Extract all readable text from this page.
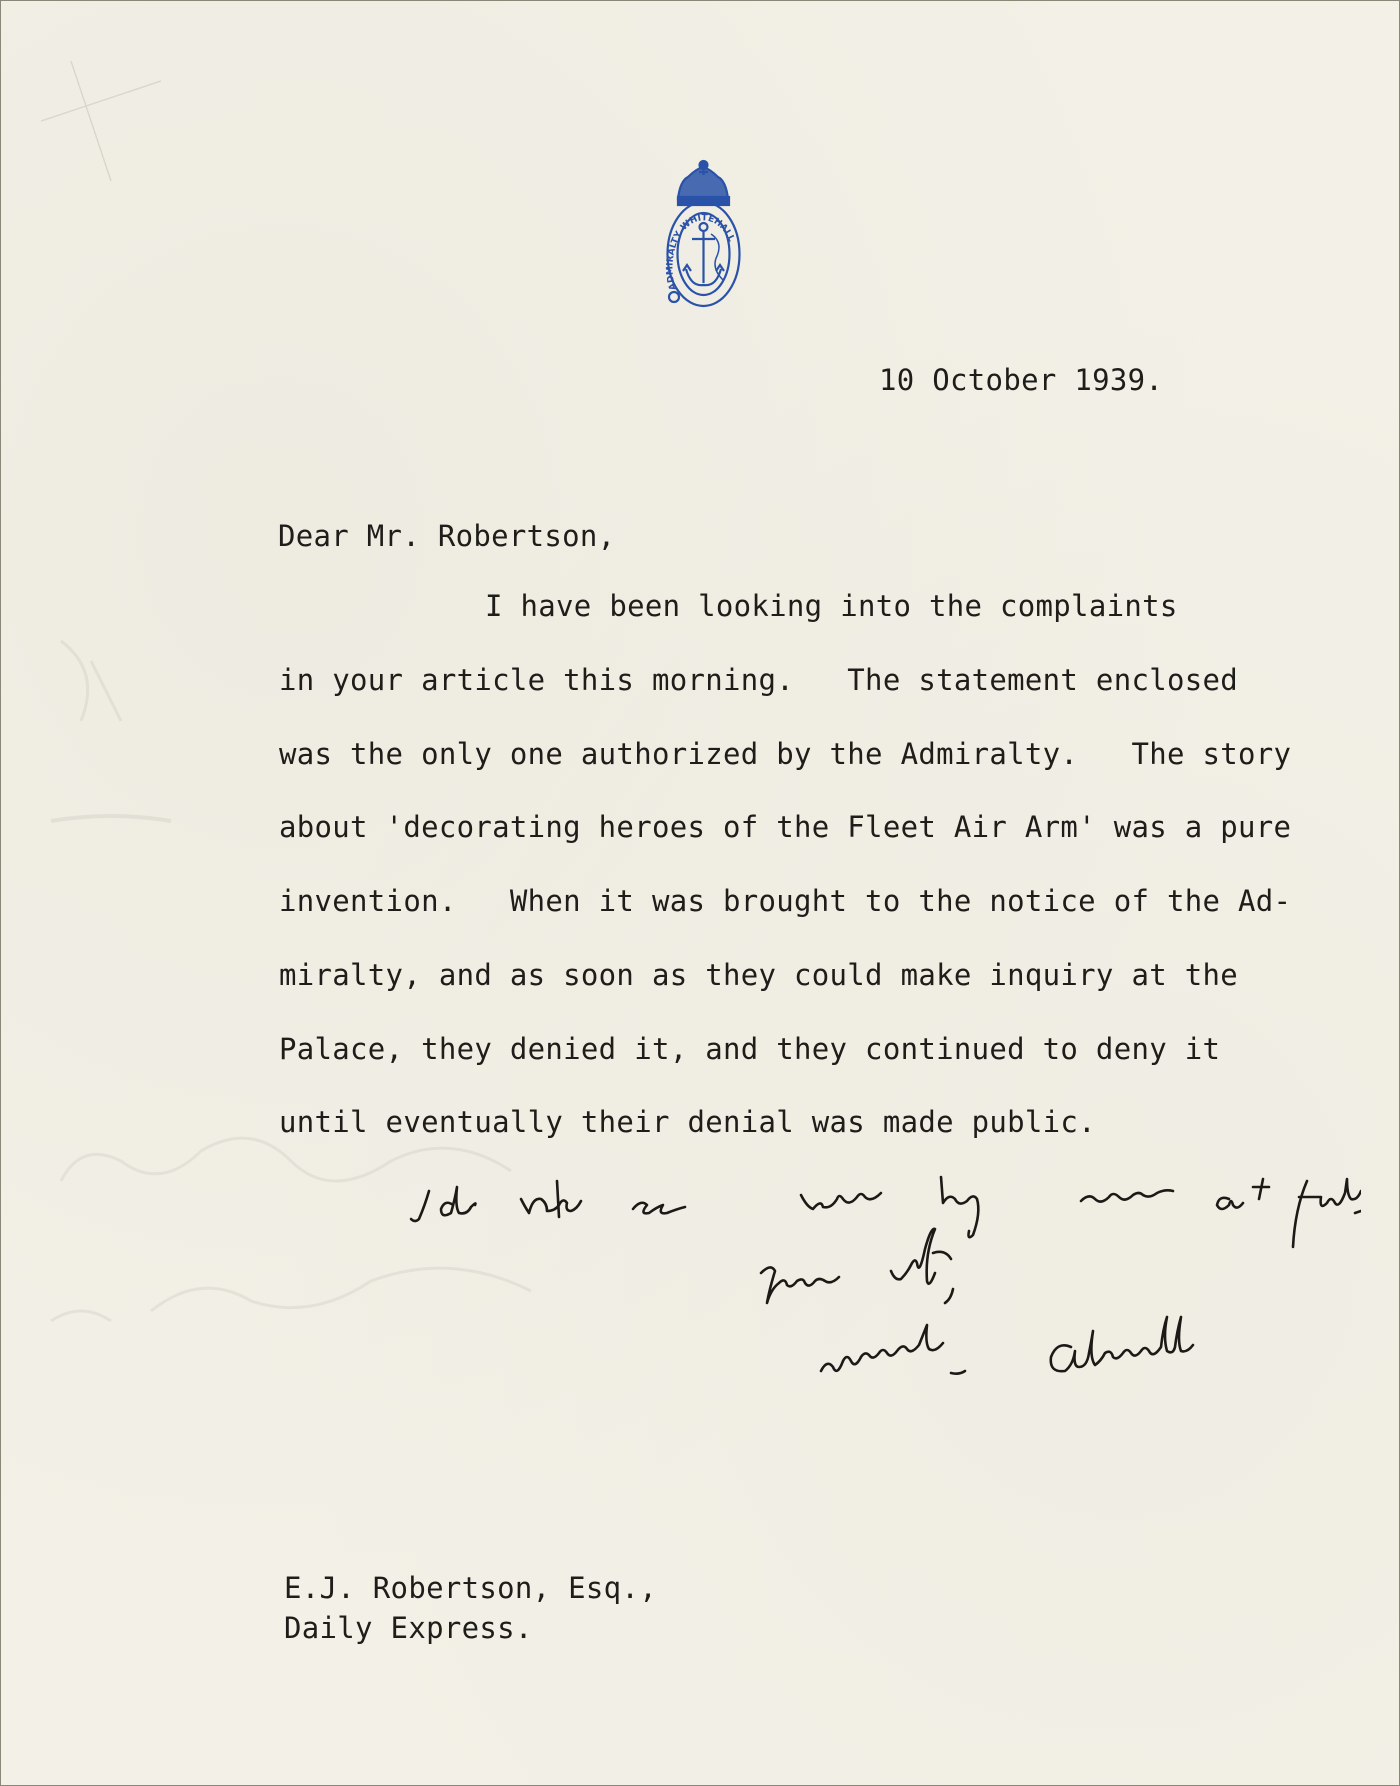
ADMIRALTY WHITEHALL
10 October 1939.
Dear Mr. Robertson,
I have been looking into the complaints
in your article this morning.   The statement enclosed
was the only one authorized by the Admiralty.   The story
about 'decorating heroes of the Fleet Air Arm' was a pure
invention.   When it was brought to the notice of the Ad-
miralty, and as soon as they could make inquiry at the
Palace, they denied it, and they continued to deny it
until eventually their denial was made public.
E.J. Robertson, Esq.,
Daily Express.
